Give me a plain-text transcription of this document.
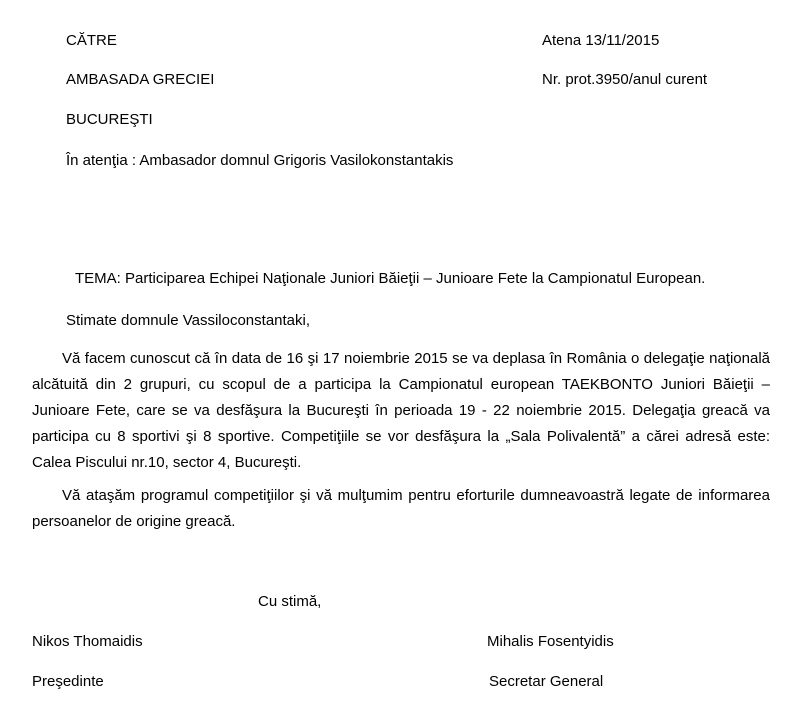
CĂTRE	Atena 13/11/2015
AMBASADA GRECIEI	Nr. prot.3950/anul curent
BUCUREŞTI
În atenţia : Ambasador domnul Grigoris Vasilokonstantakis
TEMA: Participarea Echipei Naţionale Juniori Băieţii – Junioare Fete la Campionatul European.
Stimate domnule Vassiloconstantaki,
Vă facem cunoscut că în data de 16 şi 17 noiembrie 2015 se va deplasa în România o delegaţie naţională alcătuită din 2 grupuri, cu scopul de a participa la Campionatul european TAEKBONTO Juniori Băieţii – Junioare Fete, care se va desfăşura la Bucureşti în perioada 19 - 22 noiembrie 2015. Delegaţia greacă va participa cu 8 sportivi şi 8 sportive. Competiţiile se vor desfăşura la „Sala Polivalentă” a cărei adresă este: Calea Piscului nr.10, sector 4, Bucureşti.
Vă ataşăm programul competiţiilor şi vă mulţumim pentru eforturile dumneavoastră legate de informarea persoanelor de origine greacă.
Cu stimă,
Nikos Thomaidis	Mihalis Fosentyidis
Preşedinte	Secretar General
